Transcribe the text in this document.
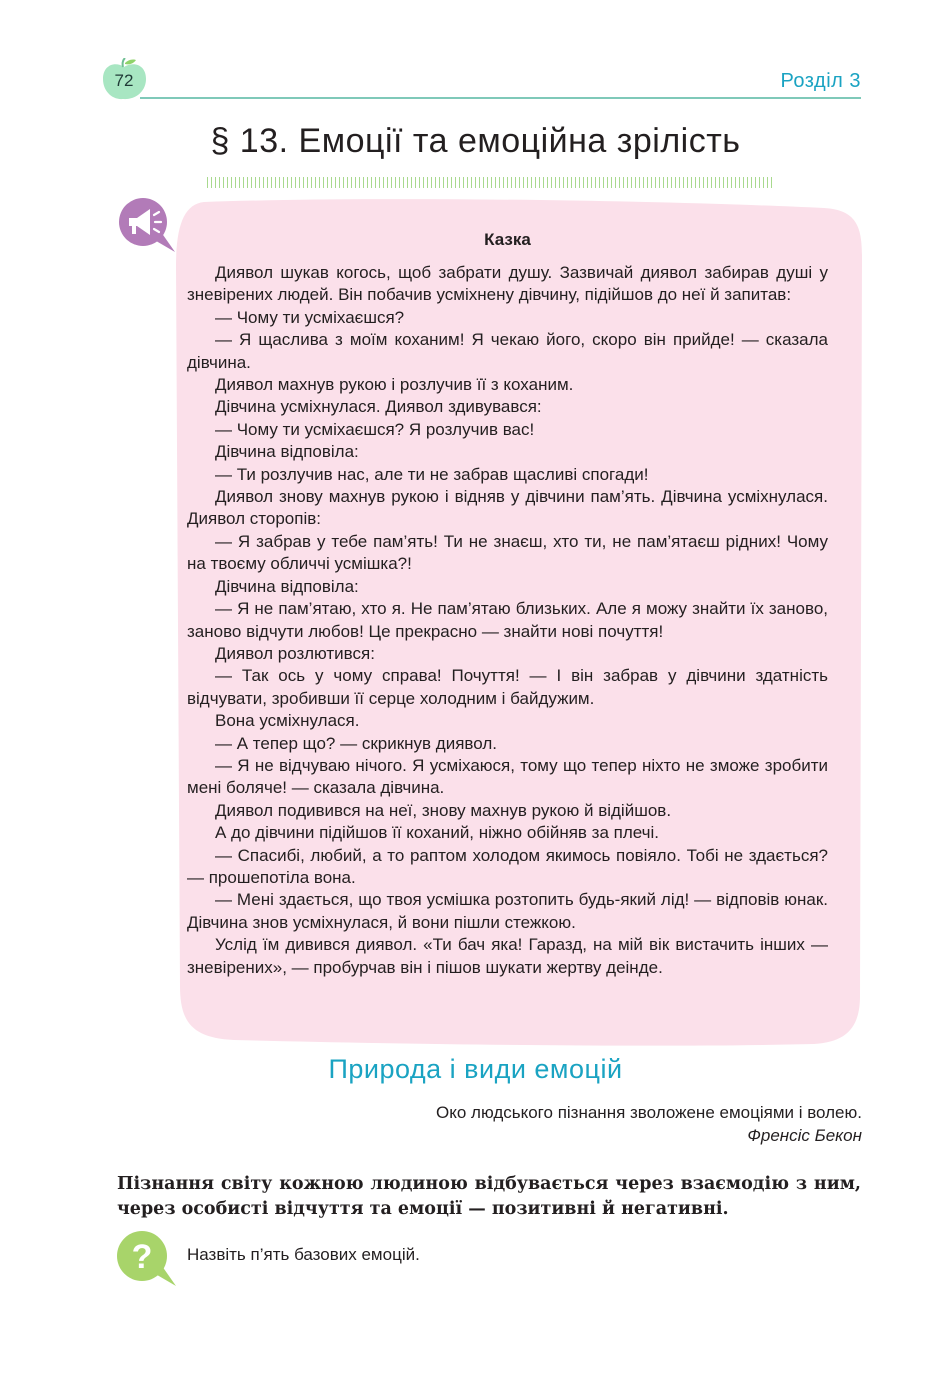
72	Розділ 3
§ 13. Емоції та емоційна зрілість
Казка

Диявол шукав когось, щоб забрати душу. Зазвичай диявол забирав душі у зневірених людей. Він побачив усміхнену дівчину, підійшов до неї й запитав:

— Чому ти усміхаєшся?

— Я щаслива з моїм коханим! Я чекаю його, скоро він прийде! — сказала дівчина.

Диявол махнув рукою і розлучив її з коханим.

Дівчина усміхнулася. Диявол здивувався:

— Чому ти усміхаєшся? Я розлучив вас!

Дівчина відповіла:

— Ти розлучив нас, але ти не забрав щасливі спогади!

Диявол знову махнув рукою і відняв у дівчини пам’ять. Дівчина усміхнулася. Диявол сторопів:

— Я забрав у тебе пам’ять! Ти не знаєш, хто ти, не пам’ятаєш рідних! Чому на твоєму обличчі усмішка?!

Дівчина відповіла:

— Я не пам’ятаю, хто я. Не пам’ятаю близьких. Але я можу знайти їх заново, заново відчути любов! Це прекрасно — знайти нові почуття!

Диявол розлютився:

— Так ось у чому справа! Почуття! — І він забрав у дівчини здатність відчувати, зробивши її серце холодним і байдужим.

Вона усміхнулася.

— А тепер що? — скрикнув диявол.

— Я не відчуваю нічого. Я усміхаюся, тому що тепер ніхто не зможе зробити мені боляче! — сказала дівчина.

Диявол подивився на неї, знову махнув рукою й відійшов.

А до дівчини підійшов її коханий, ніжно обійняв за плечі.

— Спасибі, любий, а то раптом холодом якимось повіяло. Тобі не здається? — прошепотіла вона.

— Мені здається, що твоя усмішка розтопить будь-який лід! — відповів юнак. Дівчина знов усміхнулася, й вони пішли стежкою.

Услід їм дивився диявол. «Ти бач яка! Гаразд, на мій вік вистачить інших — зневірених», — пробурчав він і пішов шукати жертву деінде.

Природа і види емоцій
Око людського пізнання зволожене емоціями і волею.
Френсіс Бекон
Пізнання світу кожною людиною відбувається через взаємодію з ним, через особисті відчуття та емоції — позитивні й негативні.
? Назвіть п’ять базових емоцій.
